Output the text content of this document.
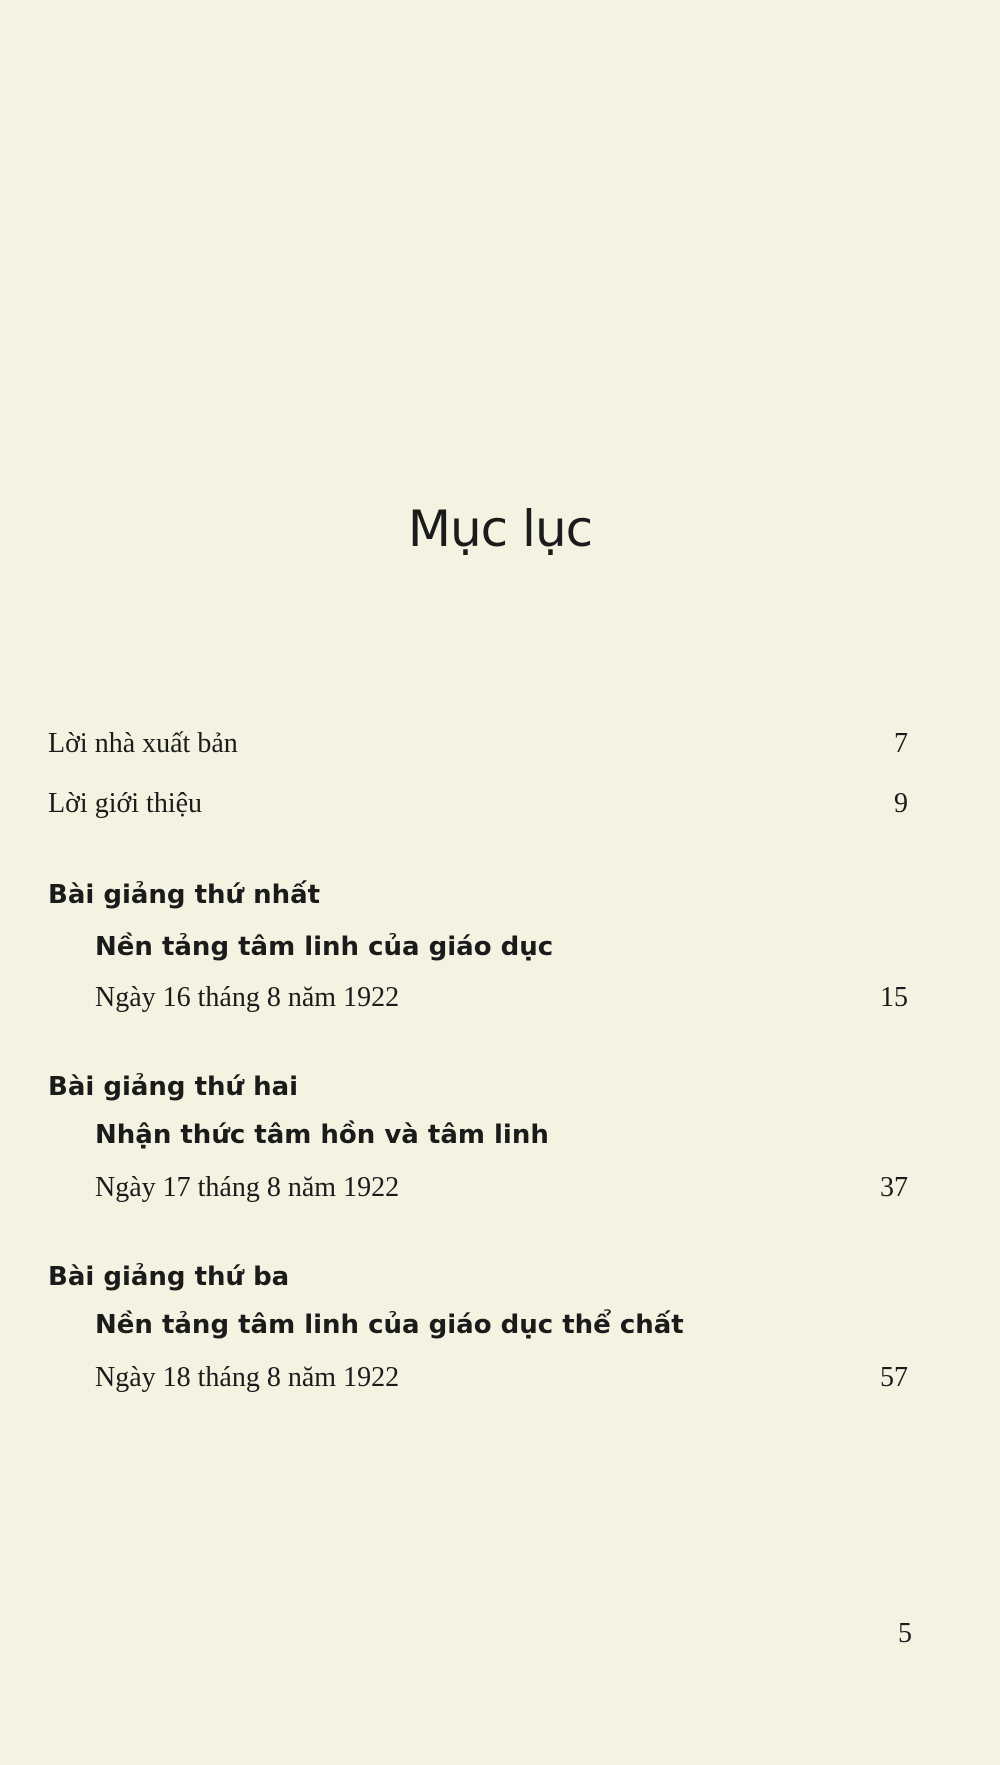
Mục lục
Lời nhà xuất bản	7
Lời giới thiệu	9
Bài giảng thứ nhất
Nền tảng tâm linh của giáo dục
Ngày 16 tháng 8 năm 1922	15
Bài giảng thứ hai
Nhận thức tâm hồn và tâm linh
Ngày 17 tháng 8 năm 1922	37
Bài giảng thứ ba
Nền tảng tâm linh của giáo dục thể chất
Ngày 18 tháng 8 năm 1922	57
5
